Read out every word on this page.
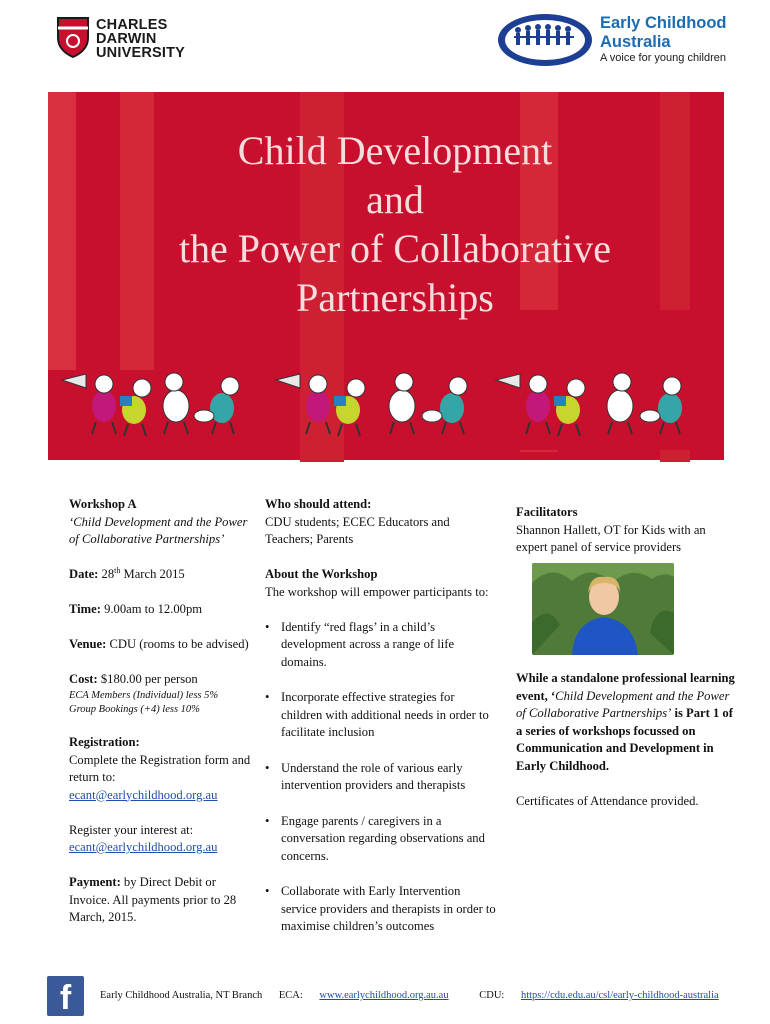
CHARLES
DARWIN
UNIVERSITY
Early Childhood
Australia
A voice for young children
Child Development
and
the Power of Collaborative
Partnerships
Workshop A
‘Child Development and the Power of Collaborative Partnerships’
Date: 28th March 2015
Time: 9.00am to 12.00pm
Venue: CDU (rooms to be advised)
Cost: $180.00 per person
ECA Members (Individual) less 5%
Group Bookings (+4) less 10%
Registration:
Complete the Registration form and return to:
ecant@earlychildhood.org.au
Register your interest at:
ecant@earlychildhood.org.au
Payment: by Direct Debit or Invoice. All payments prior to 28 March, 2015.
Who should attend:
CDU students; ECEC Educators and Teachers; Parents
About the Workshop
The workshop will empower participants to:
• Identify “red flags’ in a child’s development across a range of life domains.
• Incorporate effective strategies for children with additional needs in order to facilitate inclusion
• Understand the role of various early intervention providers and therapists
• Engage parents / caregivers in a conversation regarding observations and concerns.
• Collaborate with Early Intervention service providers and therapists in order to maximise children’s outcomes
Facilitators
Shannon Hallett, OT for Kids with an expert panel of service providers
While a standalone professional learning event, ‘Child Development and the Power of Collaborative Partnerships’ is Part 1 of a series of workshops focussed on Communication and Development in Early Childhood.
Certificates of Attendance provided.
f	Early Childhood Australia, NT Branch ECA: www.earlychildhood.org.au.au	CDU: https://cdu.edu.au/csl/early-childhood-australia
